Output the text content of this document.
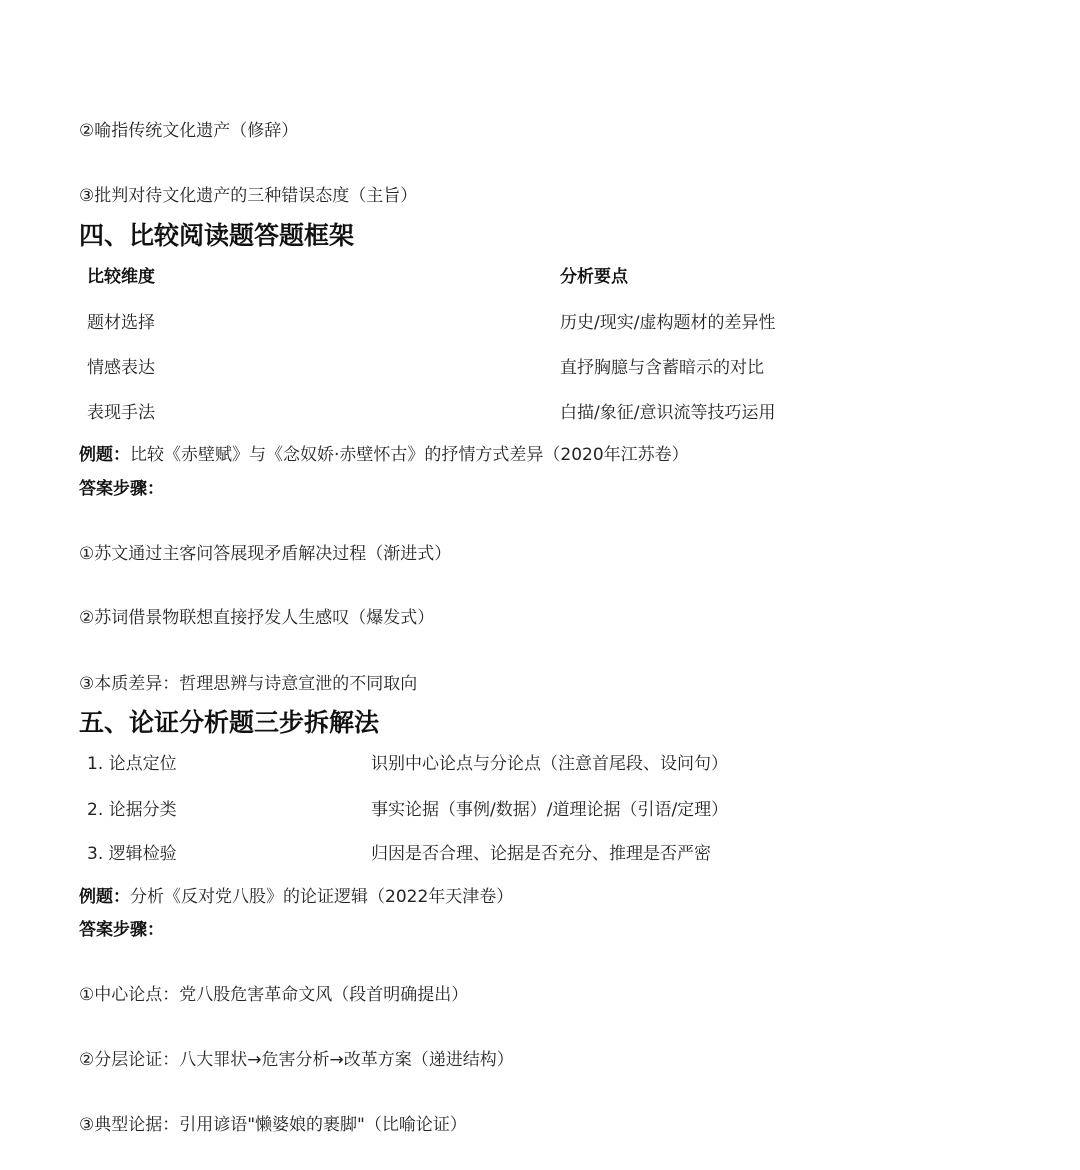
②喻指传统文化遗产（修辞）
③批判对待文化遗产的三种错误态度（主旨）
四、比较阅读题答题框架
比较维度	分析要点
题材选择	历史/现实/虚构题材的差异性
情感表达	直抒胸臆与含蓄暗示的对比
表现手法	白描/象征/意识流等技巧运用
例题：比较《赤壁赋》与《念奴娇·赤壁怀古》的抒情方式差异（2020年江苏卷）
答案步骤：
①苏文通过主客问答展现矛盾解决过程（渐进式）
②苏词借景物联想直接抒发人生感叹（爆发式）
③本质差异：哲理思辨与诗意宣泄的不同取向
五、论证分析题三步拆解法
1. 论点定位	识别中心论点与分论点（注意首尾段、设问句）
2. 论据分类	事实论据（事例/数据）/道理论据（引语/定理）
3. 逻辑检验	归因是否合理、论据是否充分、推理是否严密
例题：分析《反对党八股》的论证逻辑（2022年天津卷）
答案步骤：
①中心论点：党八股危害革命文风（段首明确提出）
②分层论证：八大罪状→危害分析→改革方案（递进结构）
③典型论据：引用谚语"懒婆娘的裹脚"（比喻论证）
